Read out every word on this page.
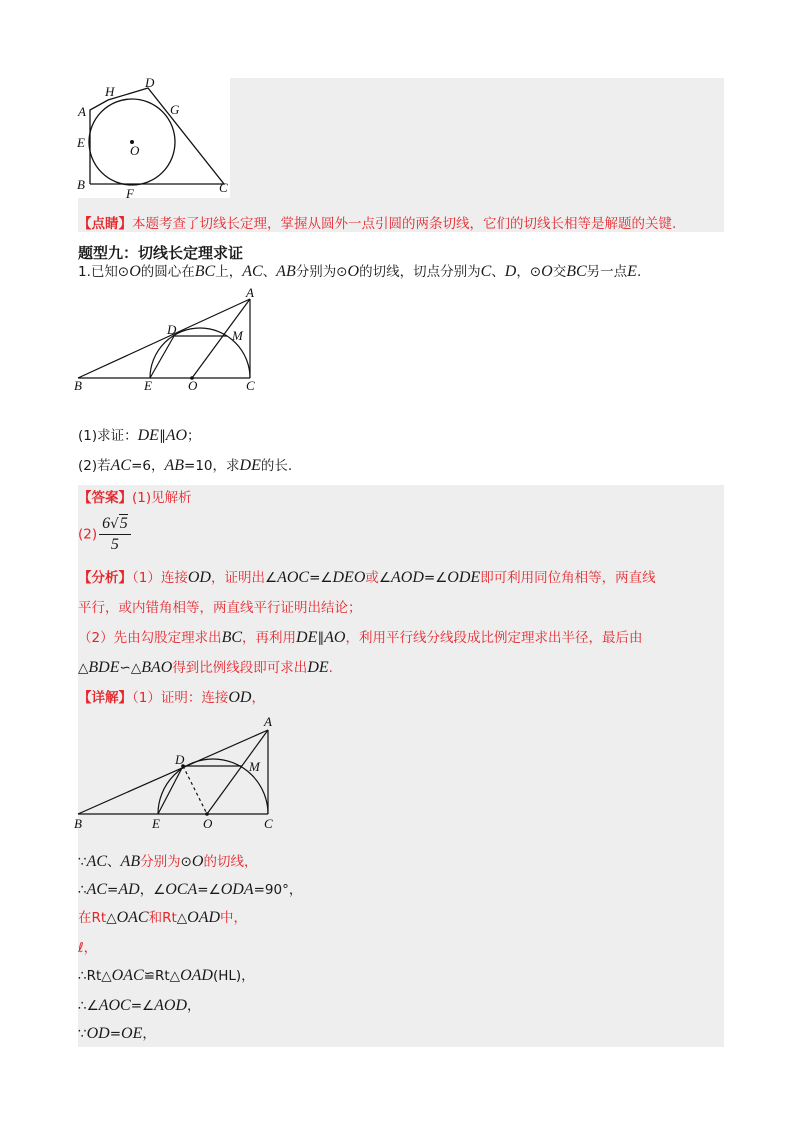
H
D
A	G
E
O
B
F	C
【点睛】本题考查了切线长定理，掌握从圆外一点引圆的两条切线，它们的切线长相等是解题的关键.
题型九：切线长定理求证
1.已知⊙O的圆心在BC上，AC、AB分别为⊙O的切线，切点分别为C、D，⊙O交BC另一点E.
A
D	M
B	E	O	C
(1)求证：DE∥AO；
(2)若AC=6，AB=10，求DE的长.
【答案】(1)见解析
$(2) \frac{6√5}{5}$
【分析】（1）连接OD，证明出∠AOC=∠DEO或∠AOD=∠ODE即可利用同位角相等，两直线
平行，或内错角相等，两直线平行证明出结论；
（2）先由勾股定理求出BC，再利用DE∥AO，利用平行线分线段成比例定理求出半径，最后由
△BDE∽△BAO得到比例线段即可求出DE.
【详解】（1）证明：连接OD，
A
D	M
B	E	O	C
∵AC、AB分别为⊙O的切线，
∴AC=AD，∠OCA=∠ODA=90°，
在Rt△OAC和Rt△OAD中，
ℓ，
∴Rt△OAC≌Rt△OAD(HL)，
∴∠AOC=∠AOD，
∵OD=OE，
